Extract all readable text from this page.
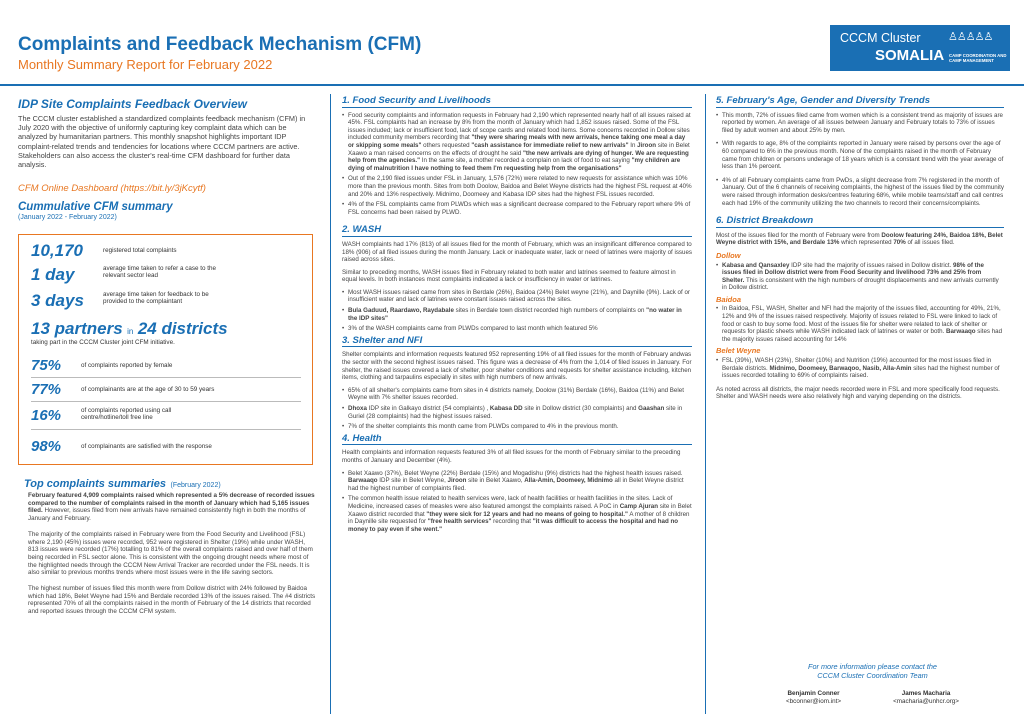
Complaints and Feedback Mechanism (CFM)
Monthly Summary Report for February 2022
CCCM Cluster
SOMALIA
♙♙♙♙♙
CAMP COORDINATION AND CAMP MANAGEMENT
IDP Site Complaints Feedback Overview
The CCCM cluster established a standardized complaints feedback mechanism (CFM) in July 2020 with the objective of uniformly capturing key complaint data which can be analyzed by humanitarian partners. This monthly snapshot highlights important IDP complaint-related trends and tendencies for locations where CCCM partners are active. Stakeholders can also access the cluster's real-time CFM dashboard for further data analysis.
CFM Online Dashboard (https://bit.ly/3jKcytf)
Cummulative CFM summary
(January 2022 - February 2022)
10,170	registered total complaints
1 day	average time taken to refer a case to the
relevant sector lead
3 days	average time taken for feedback to be
provided to the complaintant
13 partners in 24 districts
taking part in the CCCM Cluster joint CFM initiative.
75%	of complaints reported by female
77%	of complainants are at the age of 30 to 59 years
16%	of complaints reported using call
centre/hotline/toll free line
98%	of complainants are satisfied with the response
Top complaints summaries (February 2022)

February featured 4,909 complaints raised which represented a 5% decrease of recorded issues compared to the number of complaints raised in the month of January which had 5,165 issues filed. However, issues filed from new arrivals have remained consistently high in both the months of January and February.

The majority of the complaints raised in February were from the Food Security and Livelihood (FSL) where 2,190 (45%) issues were recorded, 952 were registered in Shelter (19%) while under WASH, 813 issues were recorded (17%) totalling to 81% of the overall complaints raised and over half of them being recorded in FSL sector alone. This is consistent with the ongoing drought needs where most of the highlighted needs through the CCCM New Arrival Tracker are recorded under the FSL needs. It is also similar to previous months trends where most issues were in the life saving sectors.

The highest number of issues filed this month were from Dollow district with 24% followed by Baidoa which had 18%, Belet Weyne had 15% and Berdale recorded 13% of the issues raised. The #4 districts represented 70% of all the complaints raised in the month of February of the 14 districts that recorded and reported issues through the CCCM CFM system.

1. Food Security and Livelihoods
• Food security complaints and information requests in February had 2,190 which represented nearly half of all issues raised at 45%. FSL complaints had an increase by 8% from the month of January which had 1,852 issues raised. Some of the FSL issues included; lack or insufficient food, lack of scope cards and related food items. Some concerns recorded in Dollow sites included community members recording that "they were sharing meals with new arrivals, hence taking one meal a day or skipping some meals" others requested "cash assistance for immediate relief to new arrivals" In Jiroon site in Belet Xaawo a man raised concerns on the effects of drought he said "the new arrivals are dying of hunger. We are requesting help from the agencies." In the same site, a mother recorded a complain on lack of food to eat saying "my children are dying of malnutrition I have nothing to feed them I'm requesting help from the organisations"
• Out of the 2,190 filed issues under FSL in January, 1,576 (72%) were related to new requests for assistance which was 10% more than the previous month. Sites from both Doolow, Baidoa and Belet Weyne districts had the highest FSL request at 40% and 20% and 13% respectively. Midnimo, Doomeey and Kabasa IDP sites had the highest FSL issues recorded.
• 4% of the FSL complaints came from PLWDs which was a significant decrease compared to the February report where 9% of FSL concerns had been raised by PLWD.
2. WASH

WASH complaints had 17% (813) of all issues filed for the month of February, which was an insignificant difference compared to 18% (906) of all filed issues during the month January. Lack or inadequate water, lack or need of latrines were majority of issues raised across sites.

Similar to preceding months, WASH issues filed in February related to both water and latrines seemed to feature almost in equal levels. In both instances most complaints indicated a lack or insufficiency in water or latrines.

• Most WASH issues raised came from sites in Berdale (26%), Baidoa (24%) Belet weyne (21%), and Daynille (9%). Lack of or insufficient water and lack of latrines were constant issues raised across the sites.
• Bula Gaduud, Raardawo, Raydabale sites in Berdale town district recorded high numbers of complaints on "no water in the IDP sites"
• 3% of the WASH complaints came from PLWDs compared to last month which featured 5%
3. Shelter and NFI

Shelter complaints and information requests featured 952 representing 19% of all filed issues for the month of February andwas the sector with the second highest issues raised. This figure was a decrease of 4% from the 1,014 of filed issues in January. For shelter, the raised issues covered a lack of shelter, poor shelter conditions and requests for shelter assistance including, kitchen items, clothing and tarpaulins especially in sites with high numbers of new arrivals.

• 65% of all shelter's complaints came from sites in 4 districts namely, Doolow (31%) Berdale (16%), Baidoa (11%) and Belet Weyne with 7% shelter issues recorded.
• Dhoxa IDP site in Galkayo district (54 complaints) , Kabasa DD site in Dollow district (30 complaints) and Gaashan site in Guriel (28 complaints) had the highest issues raised.
• 7% of the shelter complaints this month came from PLWDs compared to 4% in the previous month.
4. Health

Health complaints and information requests featured 3% of all filed issues for the month of February similar to the preceding months of January and December (4%).

• Belet Xaawo (37%), Belet Weyne (22%) Berdale (15%) and Mogadishu (9%) districts had the highest health issues raised. Barwaaqo IDP site in Belet Weyne, Jiroon site in Belet Xaawo, Alla-Amin, Doomeey, Midnimo all in Belet Weyne district had the highest number of complaints filed.
• The common health issue related to health services were, lack of health facilities or health facilities in the sites. Lack of Medicine, increased cases of measles were also featured amongst the complaints raised. A PoC in Camp Ajuran site in Belet Xaawo district recorded that "they were sick for 12 years and had no means of going to hospital." A mother of 8 children in Daynille site requested for "free health services" recording that "it was difficult to access the hospital and had no money to pay even if she went."
5. February's Age, Gender and Diversity Trends
• This month, 72% of issues filed came from women which is a consistent trend as majority of issues are reported by women. An average of all issues between January and February totals to 73% of issues filed by adult women and about 25% by men.
• With regards to age, 8% of the complaints reported in January were raised by persons over the age of 60 compared to 6% in the previous month. None of the complaints raised in the month of February came from children or persons underage of 18 years which is a constant trend with the year average of less than 1% percent.
• 4% of all February complaints came from PwDs, a slight decrease from 7% registered in the month of January. Out of the 6 channels of receiving complaints, the highest of the issues filed by the community were raised through information desks/centres featuring 68%, while mobile teams/staff and call centres each had 19% of the community utilizing the two channels to record their concerns/complaints.
6. District Breakdown

Most of the issues filed for the month of February were from Doolow featuring 24%, Baidoa 18%, Belet Weyne district with 15%, and Berdale 13% which represented 70% of all issues filed.

Dollow
• Kabasa and Qansaxley IDP site had the majority of issues raised in Dollow district. 98% of the issues filed in Dollow district were from Food Security and livelihood 73% and 25% from Shelter. This is consistent with the high numbers of drought displacements and new arrivals currently in Dollow district.
Baidoa
• In Baidoa, FSL, WASH, Shelter and NFI had the majority of the issues filed, accounting for 49%, 21%, 12% and 9% of the issues raised respectively. Majority of issues related to FSL were linked to lack of food or cash to buy some food. Most of the issues file for shelter were related to lack of shelter or requests for plastic sheets while WASH indicated lack of latrines or water or both. Barwaaqo sites had the majority issues raised accounting for 14%
Belet Weyne
• FSL (39%), WASH (23%), Shelter (10%) and Nutrition (19%) accounted for the most issues filed in Berdale districts. Midnimo, Doomeey, Barwaqoo, Nasib, Alla-Amin sites had the highest number of issues recorded totalling to 69% of complaints raised.

As noted across all districts, the major needs recorded were in FSL and more specifically food requests. Shelter and WASH needs were also relatively high and varying depending on the districts.

For more information please contact the
CCCM Cluster Coordination Team
Benjamin Conner
<bconner@iom.int>
James Macharia
<macharia@unhcr.org>
